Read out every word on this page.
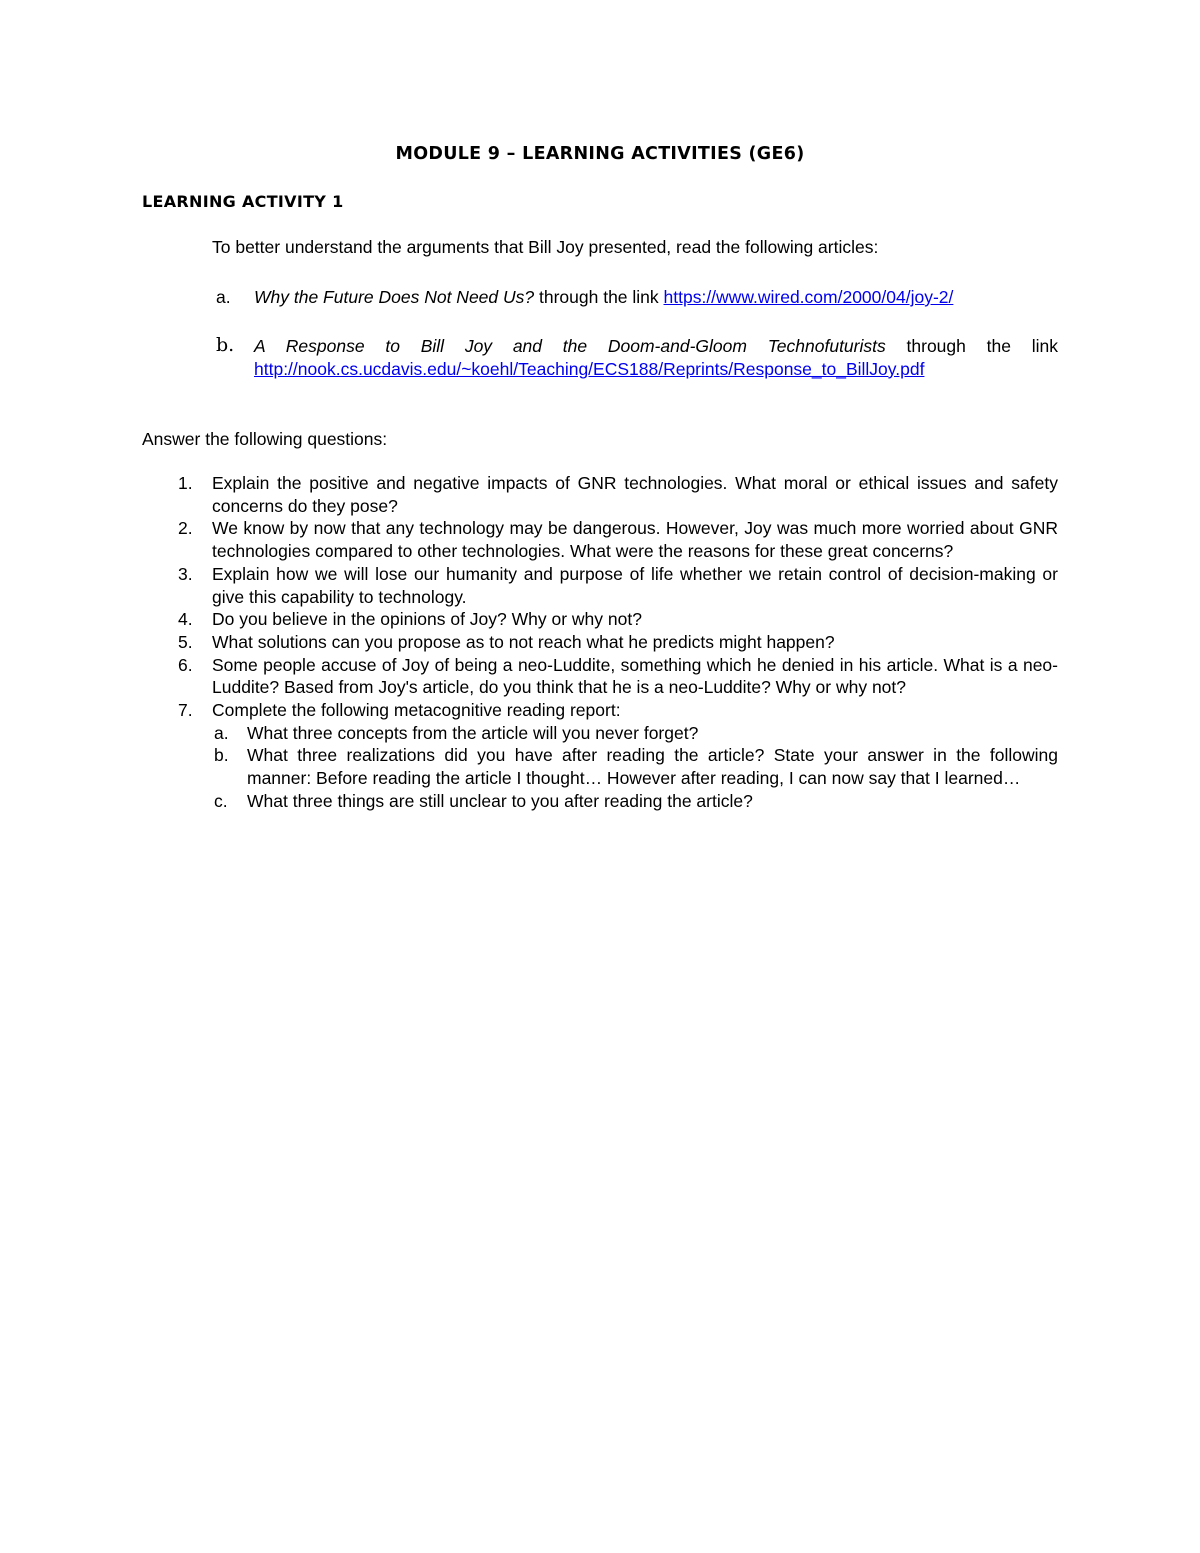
MODULE 9 – LEARNING ACTIVITIES (GE6)
LEARNING ACTIVITY 1
To better understand the arguments that Bill Joy presented, read the following articles:
a. Why the Future Does Not Need Us? through the link https://www.wired.com/2000/04/joy-2/
b. A Response to Bill Joy and the Doom-and-Gloom Technofuturists through the link
http://nook.cs.ucdavis.edu/~koehl/Teaching/ECS188/Reprints/Response_to_BillJoy.pdf
Answer the following questions:
1. Explain the positive and negative impacts of GNR technologies. What moral or ethical issues and safety concerns do they pose?
2. We know by now that any technology may be dangerous. However, Joy was much more worried about GNR technologies compared to other technologies. What were the reasons for these great concerns?
3. Explain how we will lose our humanity and purpose of life whether we retain control of decision-making or give this capability to technology.
4. Do you believe in the opinions of Joy? Why or why not?
5. What solutions can you propose as to not reach what he predicts might happen?
6. Some people accuse of Joy of being a neo-Luddite, something which he denied in his article. What is a neo-Luddite? Based from Joy's article, do you think that he is a neo-Luddite? Why or why not?
7. Complete the following metacognitive reading report:
a. What three concepts from the article will you never forget?
b. What three realizations did you have after reading the article? State your answer in the following manner: Before reading the article I thought… However after reading, I can now say that I learned…
c. What three things are still unclear to you after reading the article?
